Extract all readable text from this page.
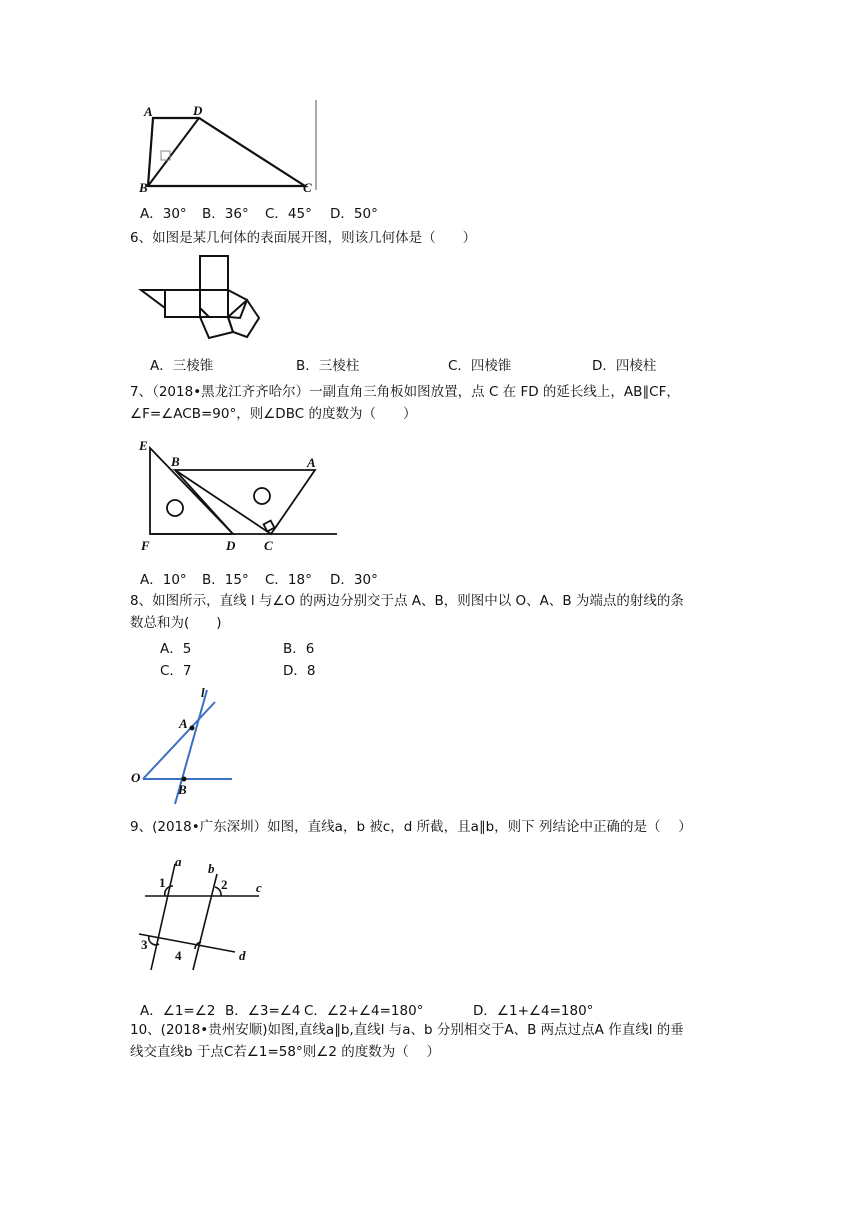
A	D
B	C
A．30° B．36° C．45° D．50°
6、如图是某几何体的表面展开图，则该几何体是（　　）
A．三棱锥	B．三棱柱	C．四棱锥	D．四棱柱
7、（2018•黑龙江齐齐哈尔）一副直角三角板如图放置，点 C 在 FD 的延长线上，AB∥CF，
∠F=∠ACB=90°，则∠DBC 的度数为（　　）
E
B	A
F	D C
A．10° B．15° C．18° D．30°
8、如图所示，直线 l 与∠O 的两边分别交于点 A、B，则图中以 O、A、B 为端点的射线的条
数总和为(　　)
A．5	B．6
C．7	D．8
l
A
O
B
9、(2018•广东深圳）如图，直线a，b 被c，d 所截，且a∥b，则下 列结论中正确的是（　 ）
a b
c
d
1	2
3
4
A．∠1=∠2 B．∠3=∠4 C．∠2+∠4=180°	D．∠1+∠4=180°
10、(2018•贵州安顺)如图,直线a∥b,直线l 与a、b 分别相交于A、B 两点过点A 作直线l 的垂
线交直线b 于点C若∠1=58°则∠2 的度数为（　 ）
